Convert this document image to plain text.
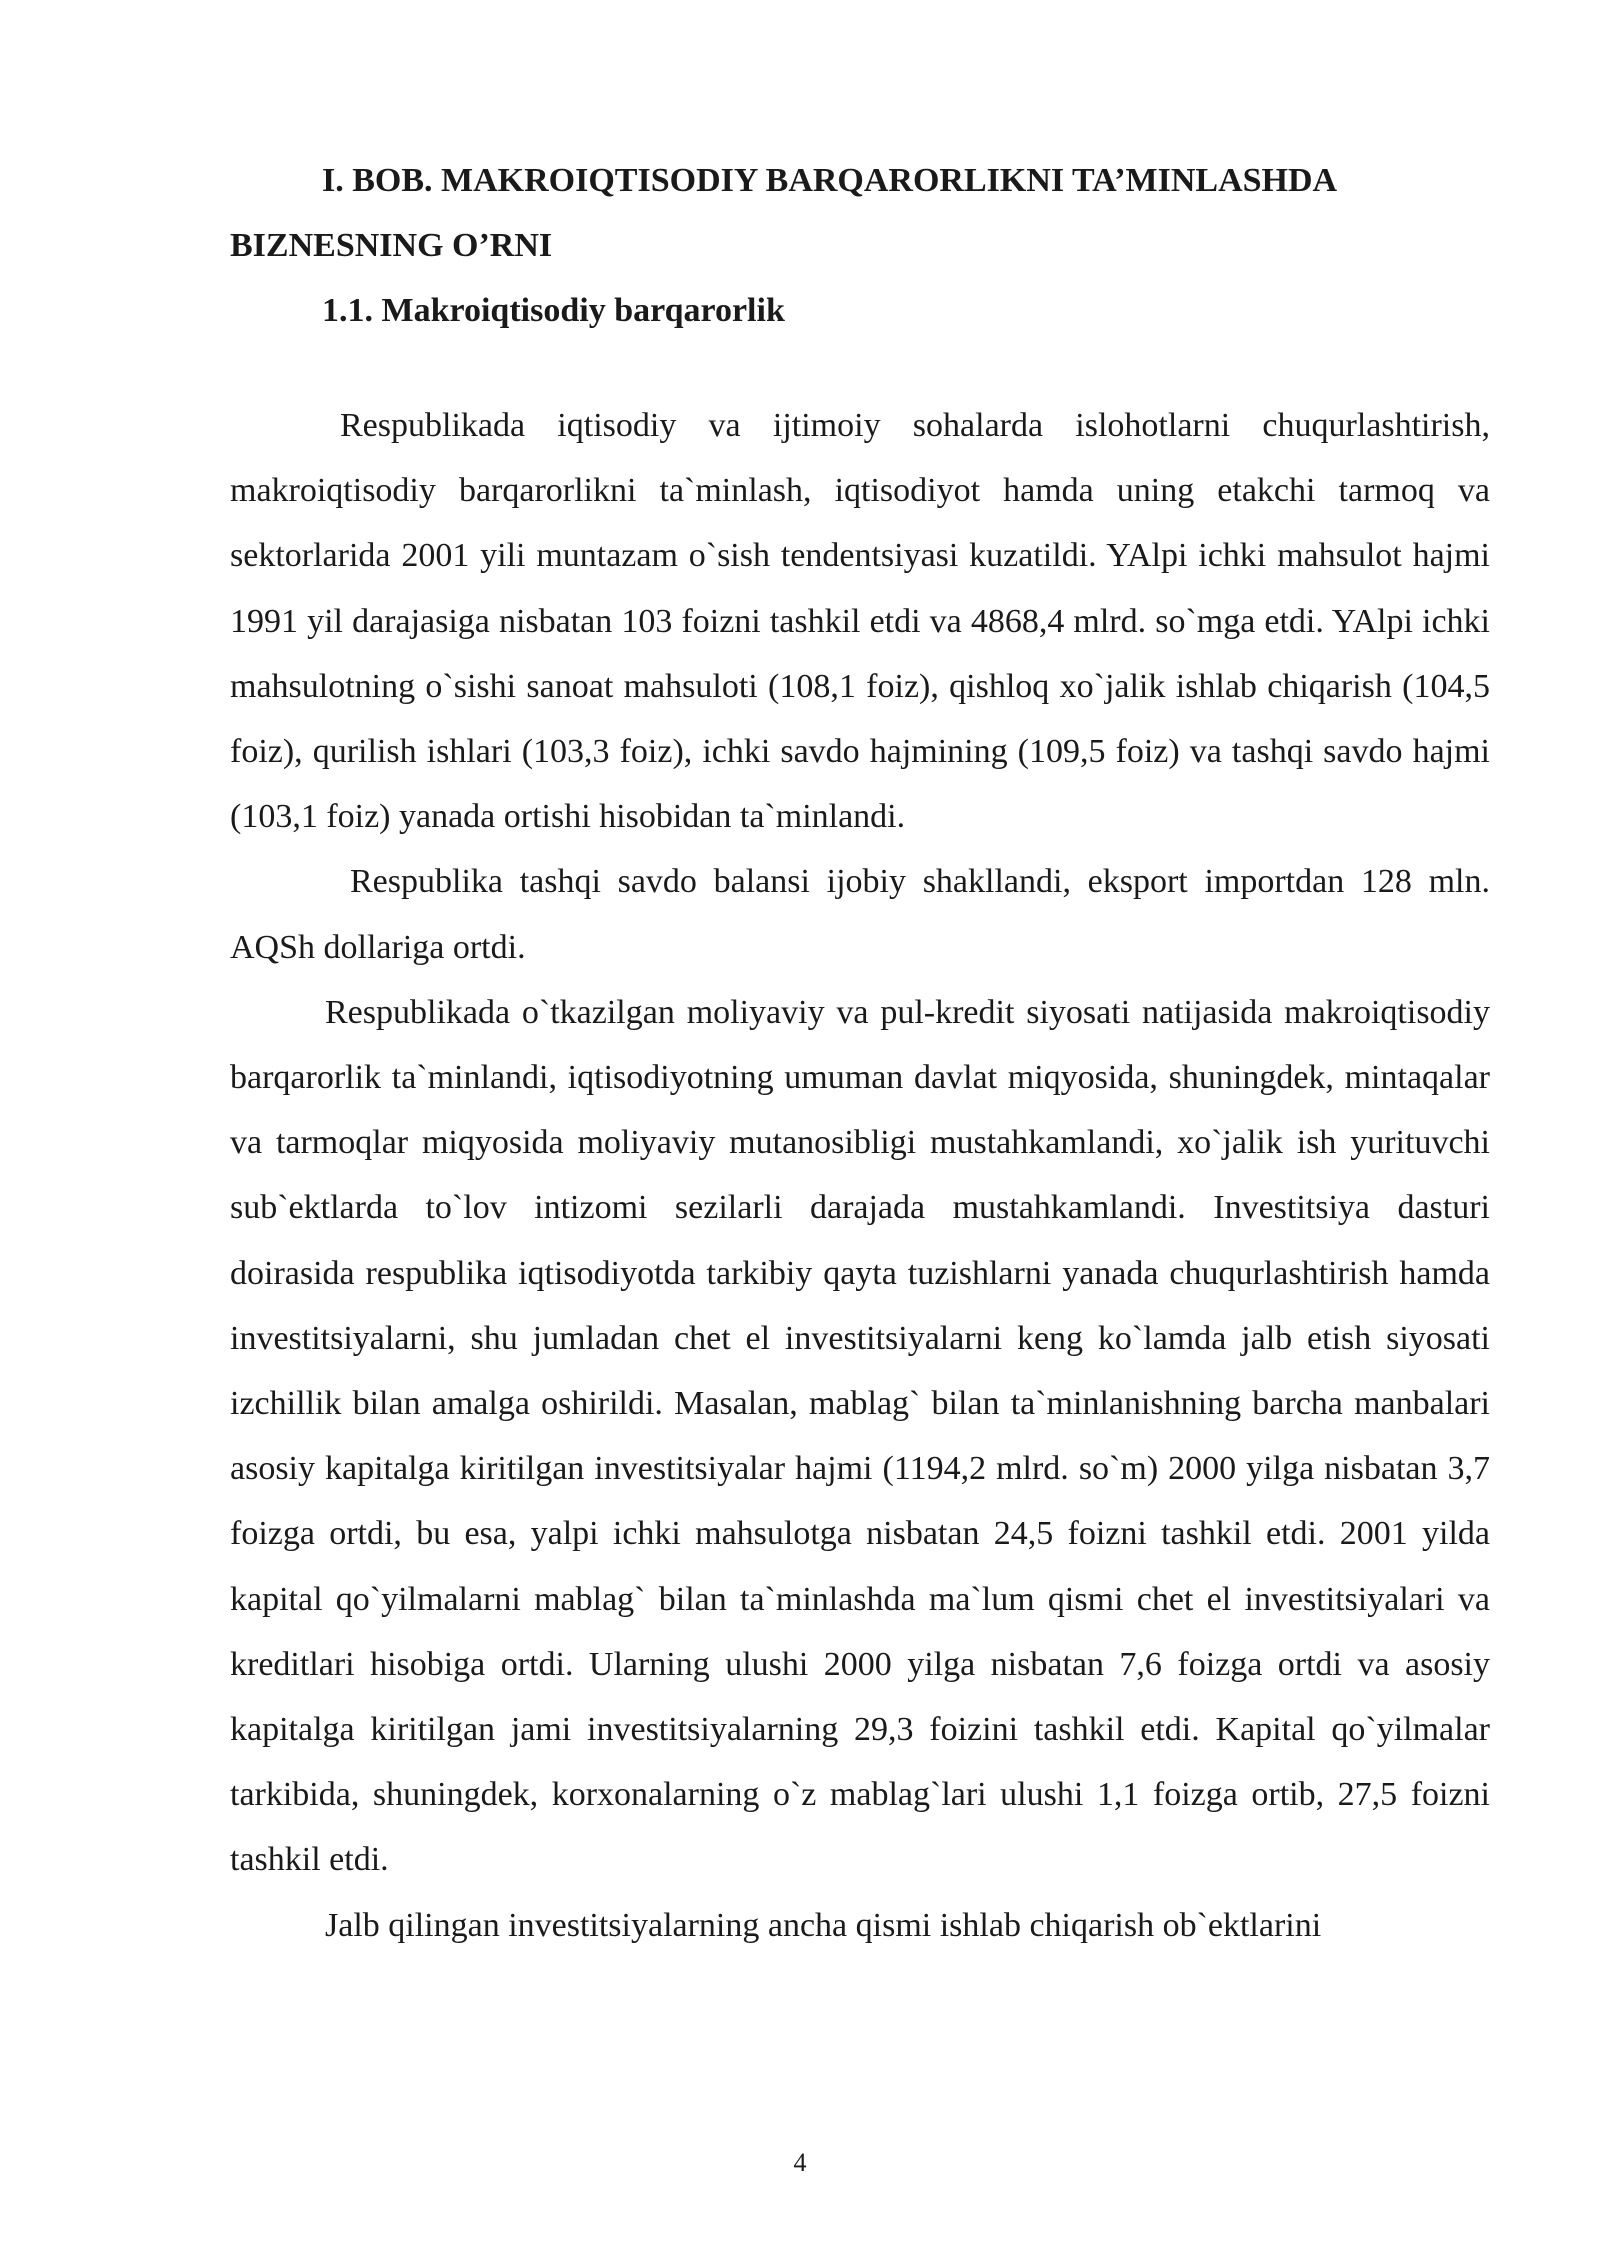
I. BOB. MAKROIQTISODIY BARQARORLIKNI TA’MINLASHDA BIZNESNING O’RNI
1.1. Makroiqtisodiy barqarorlik

Respublikada iqtisodiy va ijtimoiy sohalarda islohotlarni chuqurlashtirish, makroiqtisodiy barqarorlikni ta`minlash, iqtisodiyot hamda uning etakchi tarmoq va sektorlarida 2001 yili muntazam o`sish tendentsiyasi kuzatildi. YAlpi ichki mahsulot hajmi 1991 yil darajasiga nisbatan 103 foizni tashkil etdi va 4868,4 mlrd. so`mga etdi. YAlpi ichki mahsulotning o`sishi sanoat mahsuloti (108,1 foiz), qishloq xo`jalik ishlab chiqarish (104,5 foiz), qurilish ishlari (103,3 foiz), ichki savdo hajmining (109,5 foiz) va tashqi savdo hajmi (103,1 foiz) yanada ortishi hisobidan ta`minlandi.

Respublika tashqi savdo balansi ijobiy shakllandi, eksport importdan 128 mln. AQSh dollariga ortdi.

Respublikada o`tkazilgan moliyaviy va pul-kredit siyosati natijasida makroiqtisodiy barqarorlik ta`minlandi, iqtisodiyotning umuman davlat miqyosida, shuningdek, mintaqalar va tarmoqlar miqyosida moliyaviy mutanosibligi mustahkamlandi, xo`jalik ish yurituvchi sub`ektlarda to`lov intizomi sezilarli darajada mustahkamlandi. Investitsiya dasturi doirasida respublika iqtisodiyotda tarkibiy qayta tuzishlarni yanada chuqurlashtirish hamda investitsiyalarni, shu jumladan chet el investitsiyalarni keng ko`lamda jalb etish siyosati izchillik bilan amalga oshirildi. Masalan, mablag` bilan ta`minlanishning barcha manbalari asosiy kapitalga kiritilgan investitsiyalar hajmi (1194,2 mlrd. so`m) 2000 yilga nisbatan 3,7 foizga ortdi, bu esa, yalpi ichki mahsulotga nisbatan 24,5 foizni tashkil etdi. 2001 yilda kapital qo`yilmalarni mablag` bilan ta`minlashda ma`lum qismi chet el investitsiyalari va kreditlari hisobiga ortdi. Ularning ulushi 2000 yilga nisbatan 7,6 foizga ortdi va asosiy kapitalga kiritilgan jami investitsiyalarning 29,3 foizini tashkil etdi. Kapital qo`yilmalar tarkibida, shuningdek, korxonalarning o`z mablag`lari ulushi 1,1 foizga ortib, 27,5 foizni tashkil etdi.

Jalb qilingan investitsiyalarning ancha qismi ishlab chiqarish ob`ektlarini

4
